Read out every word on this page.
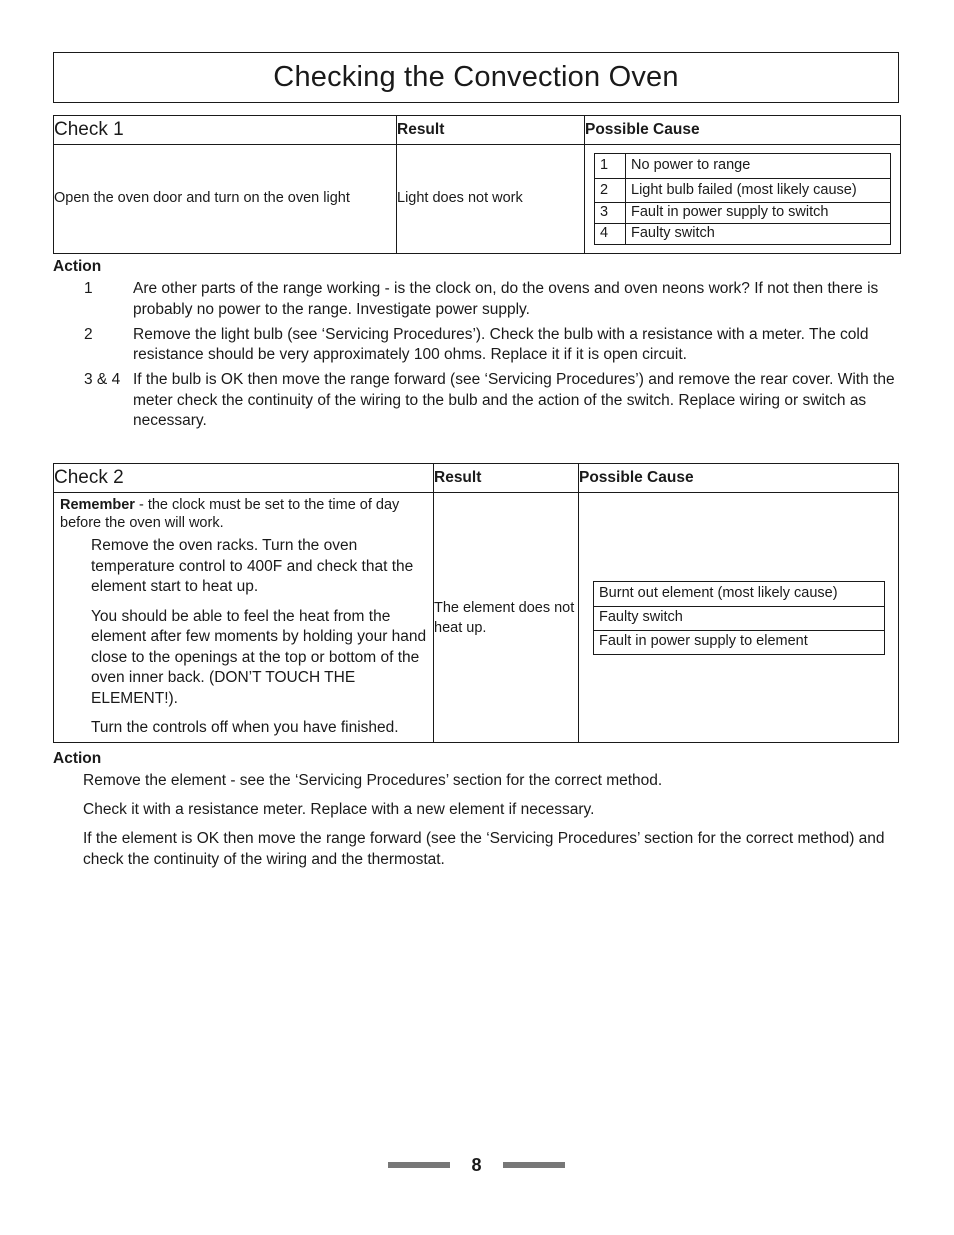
Checking the Convection Oven
Check 1	Result	Possible Cause
Open the oven door and turn on the oven light	Light does not work	
1	No power to range
2	Light bulb failed (most likely cause)
3	Fault in power supply to switch
4	Faulty switch
Action
1	Are other parts of the range working - is the clock on, do the ovens and oven neons work? If not then there is probably no power to the range. Investigate power supply.
2	Remove the light bulb (see ‘Servicing Procedures’). Check the bulb with a resistance with a meter. The cold resistance should be very approximately 100 ohms. Replace it if it is open circuit.
3 & 4 If the bulb is OK then move the range forward (see ‘Servicing Procedures’) and remove the rear cover. With the meter check the continuity of the wiring to the bulb and the action of the switch. Replace wiring or switch as necessary.
Check 2	Result	Possible Cause

Remember - the clock must be set to the time of day before the oven will work.
Remove the oven racks. Turn the oven temperature control to 400F and check that the element start to heat up.
You should be able to feel the heat from the element after few moments by holding your hand close to the openings at the top or bottom of the oven inner back. (DON’T TOUCH THE ELEMENT!).
Turn the controls off when you have finished.
	The element does not heat up.	
Burnt out element (most likely cause)
Faulty switch
Fault in power supply to element
Action
Remove the element - see the ‘Servicing Procedures’ section for the correct method.
Check it with a resistance meter. Replace with a new element if necessary.
If the element is OK then move the range forward (see the ‘Servicing Procedures’ section for the correct method) and check the continuity of the wiring and the thermostat.
8
